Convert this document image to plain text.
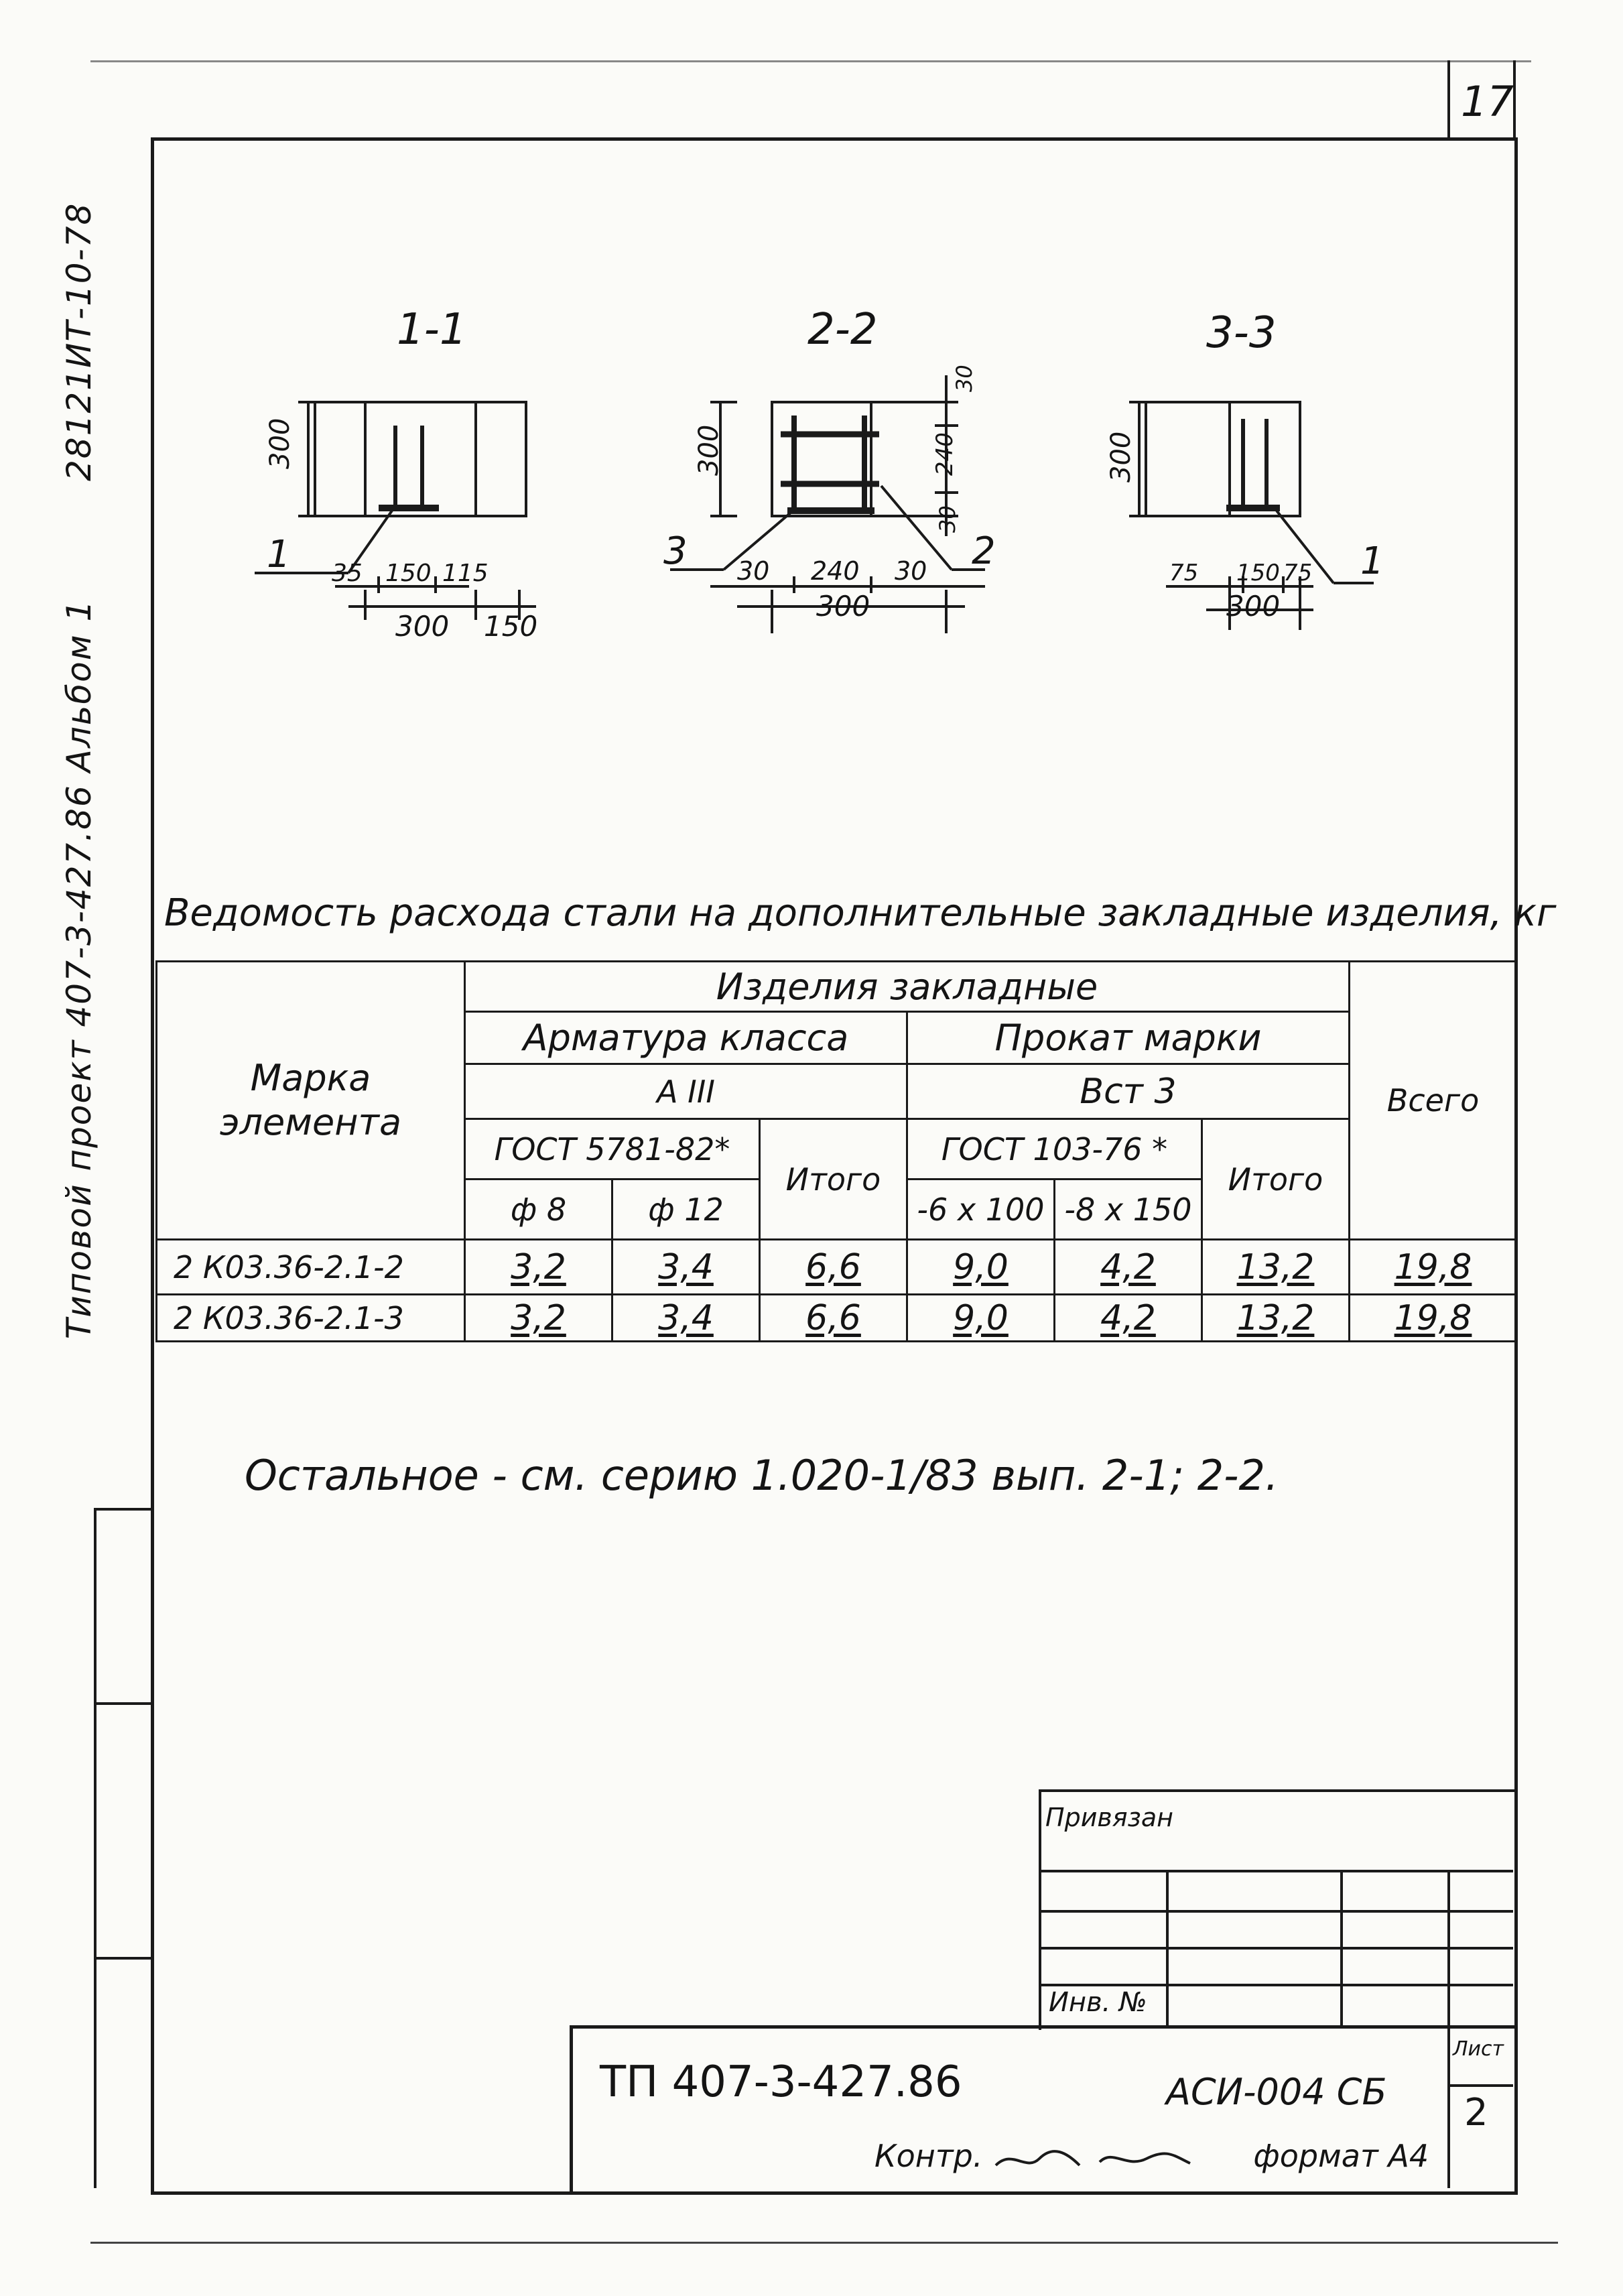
17
Типовой проект 407-3-427.86 Альбом 1  28121ИТ-10-78	1-1	2-2	3-3
300
1 35 150 115
300 150
300
30
240
30
3	2
30 240 30
300
300
1
75 150 75
300
Ведомость расхода стали на дополнительные закладные изделия, кг
Марка элемента	Изделия закладные						Всего
	Арматура класса			Прокат марки			
	А III			Вст 3			
	ГОСТ 5781-82*		Итого	ГОСТ 103-76 *		Итого	
	ф 8	ф 12		-6 х 100	-8 х 150		
2 К03.36-2.1-2	3,2	3,4	6,6	9,0	4,2	13,2	19,8
2 К03.36-2.1-3	3,2	3,4	6,6	9,0	4,2	13,2	19,8
Остальное - см. серию 1.020-1/83 вып. 2-1; 2-2.
Привязан
Инв. №
ТП 407-3-427.86	АСИ-004 СБ
Лист
2
Контр.	формат А4
